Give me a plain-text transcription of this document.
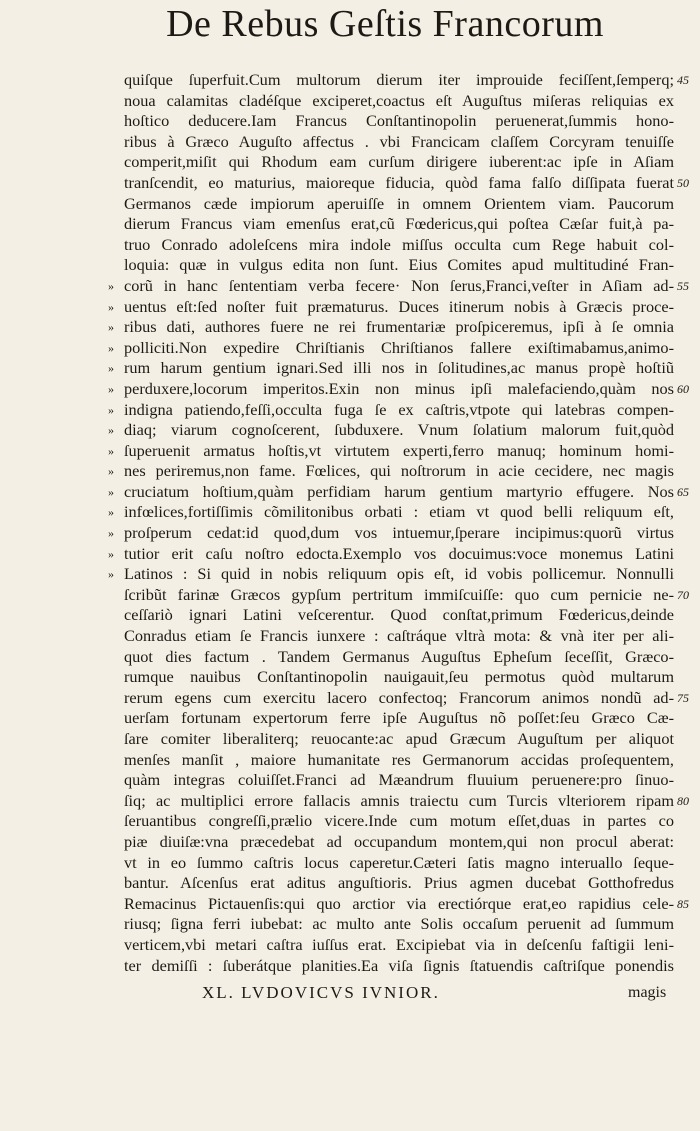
De Rebus Geſtis Francorum
quiſque ſuperfuit.Cum multorum dierum iter improuide feciſſent,ſemperq; 45
noua calamitas cladéſque exciperet,coactus eſt Auguſtus miſeras reliquias ex
hoſtico deducere.Iam Francus Conſtantinopolin peruenerat,ſummis hono-
ribus à Græco Auguſto affectus . vbi Francicam claſſem Corcyram tenuiſſe
comperit,miſit qui Rhodum eam curſum dirigere iuberent:ac ipſe in Aſiam
tranſcendit, eo maturius, maioreque fiducia, quòd fama falſo diſſipata fuerat 50
Germanos cæde impiorum aperuiſſe in omnem Orientem viam. Paucorum
dierum Francus viam emenſus erat,cũ Fœdericus,qui poſtea Cæſar fuit,à pa-
truo Conrado adoleſcens mira indole miſſus occulta cum Rege habuit col-
loquia: quæ in vulgus edita non ſunt. Eius Comites apud multitudiné Fran-
» corũ in hanc ſententiam verba fecere· Non ſerus,Franci,veſter in Aſiam ad- 55
» uentus eſt:ſed noſter fuit præmaturus. Duces itinerum nobis à Græcis proce-
» ribus dati, authores fuere ne rei frumentariæ proſpiceremus, ipſi à ſe omnia
» polliciti.Non expedire Chriſtianis Chriſtianos fallere exiſtimabamus,animo-
» rum harum gentium ignari.Sed illi nos in ſolitudines,ac manus propè hoſtiũ
» perduxere,locorum imperitos.Exin non minus ipſi malefaciendo,quàm nos 60
» indigna patiendo,feſſi,occulta fuga ſe ex caſtris,vtpote qui latebras compen-
» diaq; viarum cognoſcerent, ſubduxere. Vnum ſolatium malorum fuit,quòd
» ſuperuenit armatus hoſtis,vt virtutem experti,ferro manuq; hominum homi-
» nes periremus,non fame. Fœlices, qui noſtrorum in acie cecidere, nec magis
» cruciatum hoſtium,quàm perfidiam harum gentium martyrio effugere. Nos 65
» infœlices,fortiſſimis cõmilitonibus orbati : etiam vt quod belli reliquum eſt,
» proſperum cedat:id quod,dum vos intuemur,ſperare incipimus:quorũ virtus
» tutior erit caſu noſtro edocta.Exemplo vos docuimus:voce monemus Latini
» Latinos : Si quid in nobis reliquum opis eſt, id vobis pollicemur. Nonnulli
ſcribũt farinæ Græcos gypſum pertritum immiſcuiſſe: quo cum pernicie ne- 70
ceſſariò ignari Latini veſcerentur. Quod conſtat,primum Fœdericus,deinde
Conradus etiam ſe Francis iunxere : caſtráque vltrà mota: & vnà iter per ali-
quot dies factum . Tandem Germanus Auguſtus Epheſum ſeceſſit, Græco-
rumque nauibus Conſtantinopolin nauigauit,ſeu permotus quòd multarum
rerum egens cum exercitu lacero confectoq; Francorum animos nondũ ad- 75
uerſam fortunam expertorum ferre ipſe Auguſtus nõ poſſet:ſeu Græco Cæ-
ſare comiter liberaliterq; reuocante:ac apud Græcum Auguſtum per aliquot
menſes manſit , maiore humanitate res Germanorum accidas proſequentem,
quàm integras coluiſſet.Franci ad Mæandrum fluuium peruenere:pro ſinuo-
ſiq; ac multiplici errore fallacis amnis traiectu cum Turcis vlteriorem ripam 80
ſeruantibus congreſſi,prælio vicere.Inde cum motum eſſet,duas in partes co
piæ diuiſæ:vna præcedebat ad occupandum montem,qui non procul aberat:
vt in eo ſummo caſtris locus caperetur.Cæteri ſatis magno interuallo ſeque-
bantur. Aſcenſus erat aditus anguſtioris. Prius agmen ducebat Gotthofredus
Remacinus Pictauenſis:qui quo arctior via erectiórque erat,eo rapidius cele- 85
riusq; ſigna ferri iubebat: ac multo ante Solis occaſum peruenit ad ſummum
verticem,vbi metari caſtra iuſſus erat. Excipiebat via in deſcenſu faſtigii leni-
ter demiſſi : ſuberátque planities.Ea viſa ſignis ſtatuendis caſtriſque ponendis
XL. LVDOVICVS IVNIOR.	magis
